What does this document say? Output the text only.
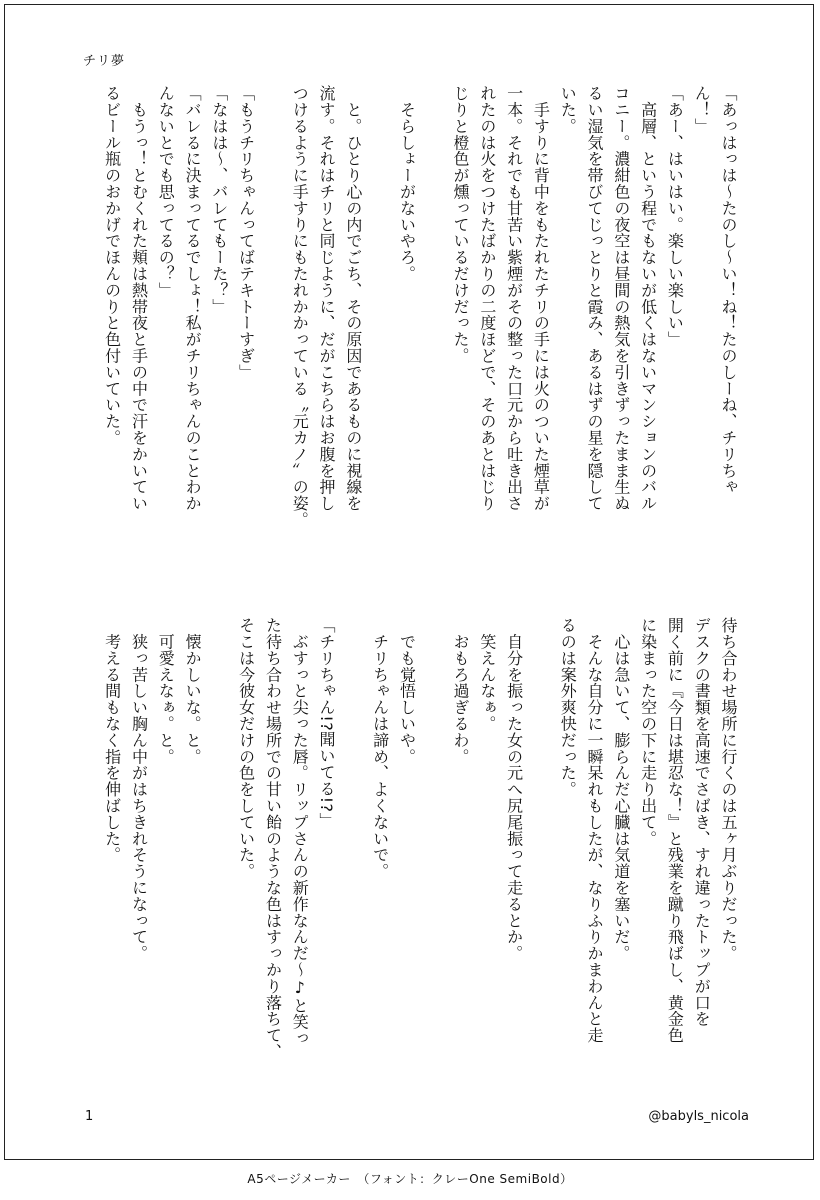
チリ夢
「あっはっは〜たのし〜い！ね！たのしーね、チリちゃ
ん！」
「あー、はいはい。楽しい楽しい」
　高層、という程でもないが低くはないマンションのバル
コニー。濃紺色の夜空は昼間の熱気を引きずったまま生ぬ
るい湿気を帯びてじっとりと霞み、あるはずの星を隠して
いた。
　手すりに背中をもたれたチリの手には火のついた煙草が
一本。それでも甘苦い紫煙がその整った口元から吐き出さ
れたのは火をつけたばかりの二度ほどで、そのあとはじり
じりと橙色が燻っているだけだった。

　そらしょーがないやろ。

　と。ひとり心の内でごち、その原因であるものに視線を
流す。それはチリと同じように、だがこちらはお腹を押し
つけるように手すりにもたれかかっている〝元カノ〟の姿。

「もうチリちゃんってばテキトーすぎ」
「なはは〜、バレてもーた？」
「バレるに決まってるでしょ！私がチリちゃんのことわか
んないとでも思ってるの？」
　もうっ！とむくれた頬は熱帯夜と手の中で汗をかいてい
るビール瓶のおかげでほんのりと色付いていた。
待ち合わせ場所に行くのは五ヶ月ぶりだった。
デスクの書類を高速でさばき、すれ違ったトップが口を
開く前に『今日は堪忍な！』と残業を蹴り飛ばし、黄金色
に染まった空の下に走り出て。
　心は急いて、膨らんだ心臓は気道を塞いだ。
　そんな自分に一瞬呆れもしたが、なりふりかまわんと走
るのは案外爽快だった。

　自分を振った女の元へ尻尾振って走るとか。
　笑えんなぁ。
　おもろ過ぎるわ。

　でも覚悟しいや。
　チリちゃんは諦め、よくないで。

「チリちゃん!?聞いてる!?」
　ぶすっと尖った唇。リップさんの新作なんだ〜♪と笑っ
た待ち合わせ場所での甘い飴のような色はすっかり落ちて、
そこは今彼女だけの色をしていた。

　懐かしいな。と。
　可愛えなぁ。と。
　狭っ苦しい胸ん中がはちきれそうになって。
　考える間もなく指を伸ばした。
1	@babyls_nicola
A5ページメーカー　（フォント：クレーOne SemiBold）
